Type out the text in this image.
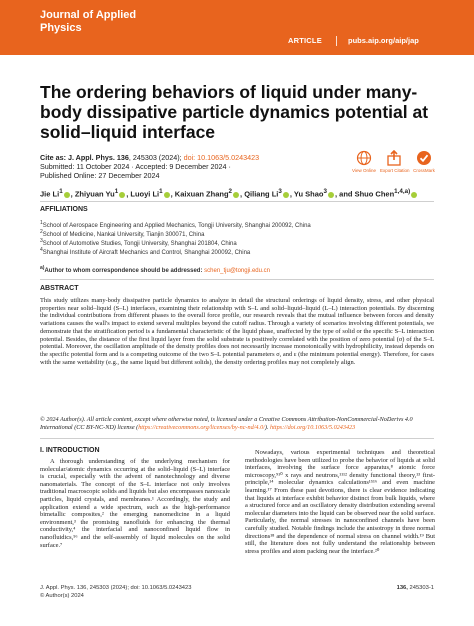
Journal of Applied Physics
ARTICLE	pubs.aip.org/aip/jap
The ordering behaviors of liquid under many-body dissipative particle dynamics potential at solid–liquid interface
Cite as: J. Appl. Phys. 136, 245303 (2024); doi: 10.1063/5.0243423
Submitted: 11 October 2024 · Accepted: 9 December 2024 ·
Published Online: 27 December 2024
View Online Export Citation CrossMark
Jie Li$^1$ , Zhiyuan Yu$^1$ , Luoyi Li$^1$ , Kaixuan Zhang$^2$ , Qiliang Li$^3$ , Yu Shao$^3$ , and Shuo Chen$^{1,4,a)}$
AFFILIATIONS
$^1$School of Aerospace Engineering and Applied Mechanics, Tongji University, Shanghai 200092, China
$^2$School of Medicine, Nankai University, Tianjin 300071, China
$^3$School of Automotive Studies, Tongji University, Shanghai 201804, China
$^4$Shanghai Institute of Aircraft Mechanics and Control, Shanghai 200092, China
$^{a)}$Author to whom correspondence should be addressed: schen_tju@tongji.edu.cn
ABSTRACT
This study utilizes many-body dissipative particle dynamics to analyze in detail the structural orderings of liquid density, stress, and other physical properties near solid–liquid (S–L) interfaces, examining their relationship with S–L and solid–liquid–liquid (L–L) interaction potentials. By discerning the individual contributions from different phases to the overall force profile, our research reveals that the mutual influence between forces and density variations causes the wall's impact to extend several multiples beyond the cutoff radius. Through a variety of scenarios involving different potentials, we demonstrate that the stratification period is a fundamental characteristic of the liquid phase, unaffected by the type of solid or the specific S–L interaction potential. Besides, the distance of the first liquid layer from the solid substrate is positively correlated with the position of zero potential (σ) of the S–L potential. Moreover, the oscillation amplitude of the density profiles does not necessarily increase monotonically with hydrophilicity, instead depends on the specific potential form and is a competing outcome of the two S–L potential parameters σ, and ε (the minimum potential energy). Therefore, for cases with the same wettability (e.g., the same liquid but different solids), the density ordering profiles may not completely align.
© 2024 Author(s). All article content, except where otherwise noted, is licensed under a Creative Commons Attribution-NonCommercial-NoDerivs 4.0 International (CC BY-NC-ND) license (https://creativecommons.org/licenses/by-nc-nd/4.0/). https://doi.org/10.1063/5.0243423
I. INTRODUCTION
A thorough understanding of the underlying mechanism for molecular/atomic dynamics occurring at the solid–liquid (S–L) interface is crucial, especially with the advent of nanotechnology and diverse nanomaterials. The concept of the S–L interface not only involves traditional macroscopic solids and liquids but also encompasses nanoscale particles, liquid crystals, and membranes.¹ Accordingly, the study and application extend a wide spectrum, such as the high-performance bimetallic composites,² the emerging nanomedicine in a liquid environment,³ the promising nanofluids for enhancing the thermal conductivity,⁴ the interfacial and nanoconfined liquid flow in nanofluidics,⁵⁶ and the self-assembly of liquid molecules on the solid surface.⁷
Nowadays, various experimental techniques and theoretical methodologies have been utilized to probe the behavior of liquids at solid interfaces, involving the surface force apparatus,⁸ atomic force microscopy,⁹¹⁰ x rays and neutrons,¹¹¹² density functional theory,¹³ first-principle,¹⁴ molecular dynamics calculations¹⁵¹⁶ and even machine learning.¹⁷ From these past devotions, there is clear evidence indicating that liquids at interface exhibit behavior distinct from bulk liquids, where a structured force and an oscillatory density distribution extending several molecular diameters into the liquid can be observed near the solid surface. Particularly, the normal stresses in nanoconfined channels have been carefully studied. Notable findings include the anisotropy in three normal directions¹⁸ and the dependence of normal stress on channel width.¹⁹ But still, the literature does not fully understand the relationship between stress profiles and atom packing near the interface.²⁰
J. Appl. Phys. 136, 245303 (2024); doi: 10.1063/5.0243423
© Author(s) 2024
136, 245303-1
